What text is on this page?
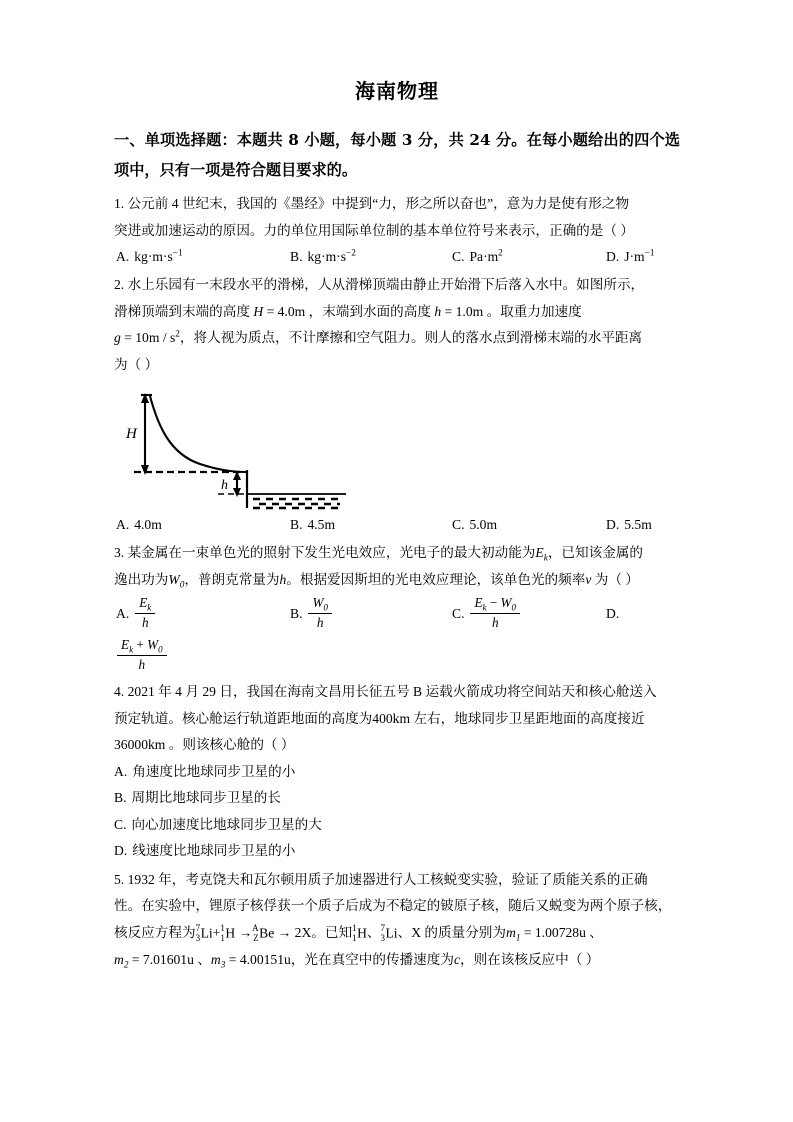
海南物理
一、单项选择题：本题共 8 小题，每小题 3 分，共 24 分。在每小题给出的四个选项中，只有一项是符合题目要求的。
1. 公元前 4 世纪末，我国的《墨经》中提到“力，形之所以奋也”，意为力是使有形之物
突进或加速运动的原因。力的单位用国际单位制的基本单位符号来表示，正确的是（ ）
A. $kg\cdot m\cdot s^{-1}$	B. $kg\cdot m\cdot s^{-2}$	C. $Pa\cdot m^2$	D. $J\cdot m^{-1}$
2. 水上乐园有一末段水平的滑梯，人从滑梯顶端由静止开始滑下后落入水中。如图所示，
滑梯顶端到末端的高度 H = 4.0m ，末端到水面的高度 h = 1.0m 。取重力加速度
$g = 10m / s^2$，将人视为质点，不计摩擦和空气阻力。则人的落水点到滑梯末端的水平距离
为（ ）
H
h
A. 4.0m	B. 4.5m	C. 5.0m	D. 5.5m
3. 某金属在一束单色光的照射下发生光电效应，光电子的最大初动能为$E_k$，已知该金属的
逸出功为$W_0$，普朗克常量为h。根据爱因斯坦的光电效应理论，该单色光的频率ν 为（ ）
A. $\frac{E_k}{h}$	B. $\frac{W_0}{h}$	C. $\frac{E_k - W_0}{h}$	D.
$\frac{E_k + W_0}{h}$
4. 2021 年 4 月 29 日，我国在海南文昌用长征五号 B 运载火箭成功将空间站天和核心舱送入
预定轨道。核心舱运行轨道距地面的高度为400km 左右，地球同步卫星距地面的高度接近
36000km 。则该核心舱的（ ）
A. 角速度比地球同步卫星的小
B. 周期比地球同步卫星的长
C. 向心加速度比地球同步卫星的大
D. 线速度比地球同步卫星的小
5. 1932 年，考克饶夫和瓦尔顿用质子加速器进行人工核蜕变实验，验证了质能关系的正确
性。在实验中，锂原子核俘获一个质子后成为不稳定的铍原子核，随后又蜕变为两个原子核，
核反应方程为 7
3 Li+ 1
1 H → A
Z Be → 2X。已知 1
1 H、 7
3 Li、X 的质量分别为$m_1 = 1.00728u$ 、
$m_2 = 7.01601u$ 、$m_3 = 4.00151u$，光在真空中的传播速度为c，则在该核反应中（ ）
